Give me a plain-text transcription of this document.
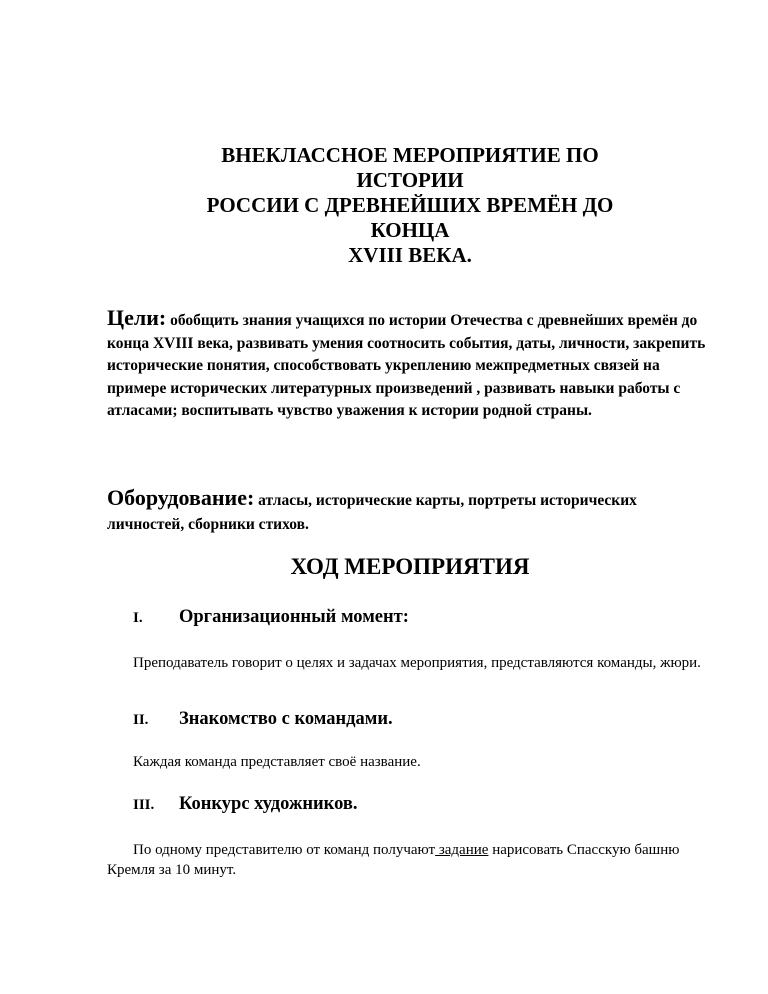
ВНЕКЛАССНОЕ МЕРОПРИЯТИЕ ПО
ИСТОРИИ
РОССИИ С ДРЕВНЕЙШИХ ВРЕМЁН ДО
КОНЦА
XVIII ВЕКА.
Цели: обобщить знания учащихся по истории Отечества с древнейших времён до конца XVIII века, развивать умения соотносить события, даты, личности, закрепить исторические понятия, способствовать укреплению межпредметных связей на примере исторических литературных произведений , развивать навыки работы с атласами; воспитывать чувство уважения к истории родной страны.
Оборудование: атласы, исторические карты, портреты исторических личностей, сборники стихов.
ХОД МЕРОПРИЯТИЯ
I. Организационный момент:
Преподаватель говорит о целях и задачах мероприятия, представляются команды, жюри.
II. Знакомство с командами.
Каждая команда представляет своё название.
III. Конкурс художников.
По одному представителю от команд получают задание нарисовать Спасскую башню Кремля за 10 минут.
